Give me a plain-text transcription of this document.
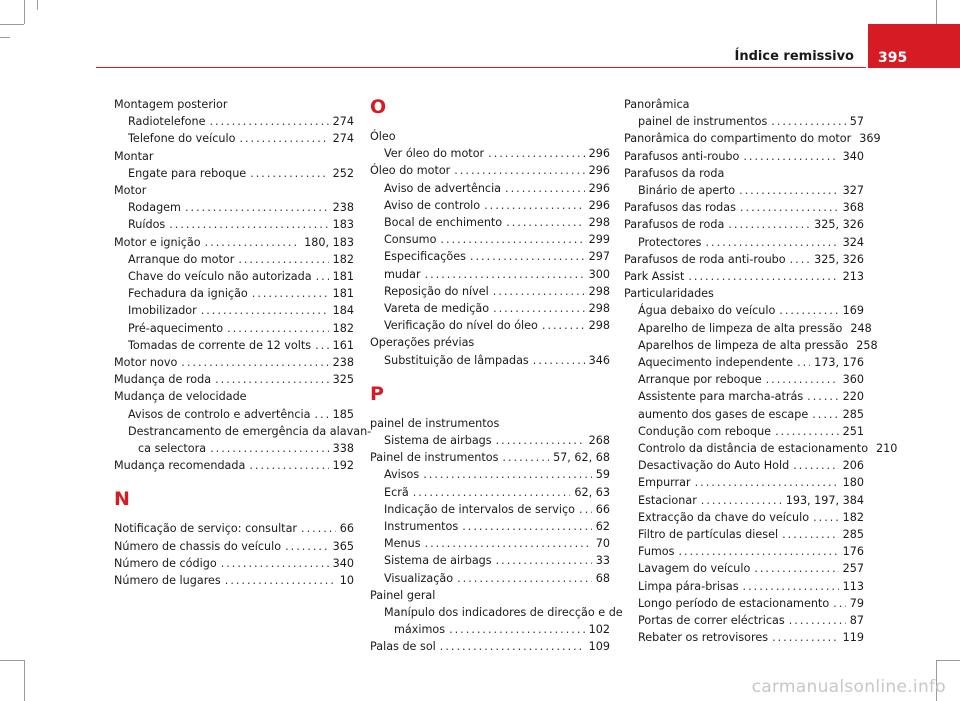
Índice remissivo	395
Montagem posterior
Radiotelefone .....	274
Telefone do veículo .....	274
Montar
Engate para reboque .....	252
Motor
Rodagem .....	238
Ruídos .....	183
Motor e ignição .....	180, 183
Arranque do motor .....	182
Chave do veículo não autorizada ..... 181
Fechadura da ignição .....	181
Imobilizador .....	184
Pré-aquecimento .....	182
Tomadas de corrente de 12 volts ..... 161
Motor novo .....	238
Mudança de roda .....	325
Mudança de velocidade
Avisos de controlo e advertência ..... 185
Destrancamento de emergência da alavan-
ca selectora .....	338
Mudança recomendada .....	192
N
Notificação de serviço: consultar .....	66
Número de chassis do veículo .....	365
Número de código .....	340
Número de lugares .....	10
O
Óleo
Ver óleo do motor .....	296
Óleo do motor .....	296
Aviso de advertência .....	296
Aviso de controlo .....	296
Bocal de enchimento .....	298
Consumo .....	299
Especificações .....	297
mudar .....	300
Reposição do nível .....	298
Vareta de medição .....	298
Verificação do nível do óleo .....	298
Operações prévias
Substituição de lâmpadas .....	346
P
painel de instrumentos
Sistema de airbags .....	268
Painel de instrumentos .....	57, 62, 68
Avisos .....	59
Ecrã .....	62, 63
Indicação de intervalos de serviço ..... 66
Instrumentos .....	62
Menus .....	70
Sistema de airbags .....	33
Visualização .....	68
Painel geral
Manípulo dos indicadores de direcção e de
máximos .....	102
Palas de sol .....	109
Panorâmica
painel de instrumentos .....	57
Panorâmica do compartimento do motor 369
Parafusos anti-roubo .....	340
Parafusos da roda
Binário de aperto .....	327
Parafusos das rodas .....	368
Parafusos de roda .....	325, 326
Protectores .....	324
Parafusos de roda anti-roubo .....	325, 326
Park Assist .....	213
Particularidades
Água debaixo do veículo .....	169
Aparelho de limpeza de alta pressão 248
Aparelhos de limpeza de alta pressão 258
Aquecimento independente ..... 173, 176
Arranque por reboque .....	360
Assistente para marcha-atrás .....	220
aumento dos gases de escape .....	285
Condução com reboque .....	251
Controlo da distância de estacionamento 210
Desactivação do Auto Hold .....	206
Empurrar .....	180
Estacionar .....	193, 197, 384
Extracção da chave do veículo .....	182
Filtro de partículas diesel .....	285
Fumos .....	176
Lavagem do veículo .....	257
Limpa pára-brisas .....	113
Longo período de estacionamento ..... 79
Portas de correr eléctricas .....	87
Rebater os retrovisores .....	119
carmanualsonline.info
